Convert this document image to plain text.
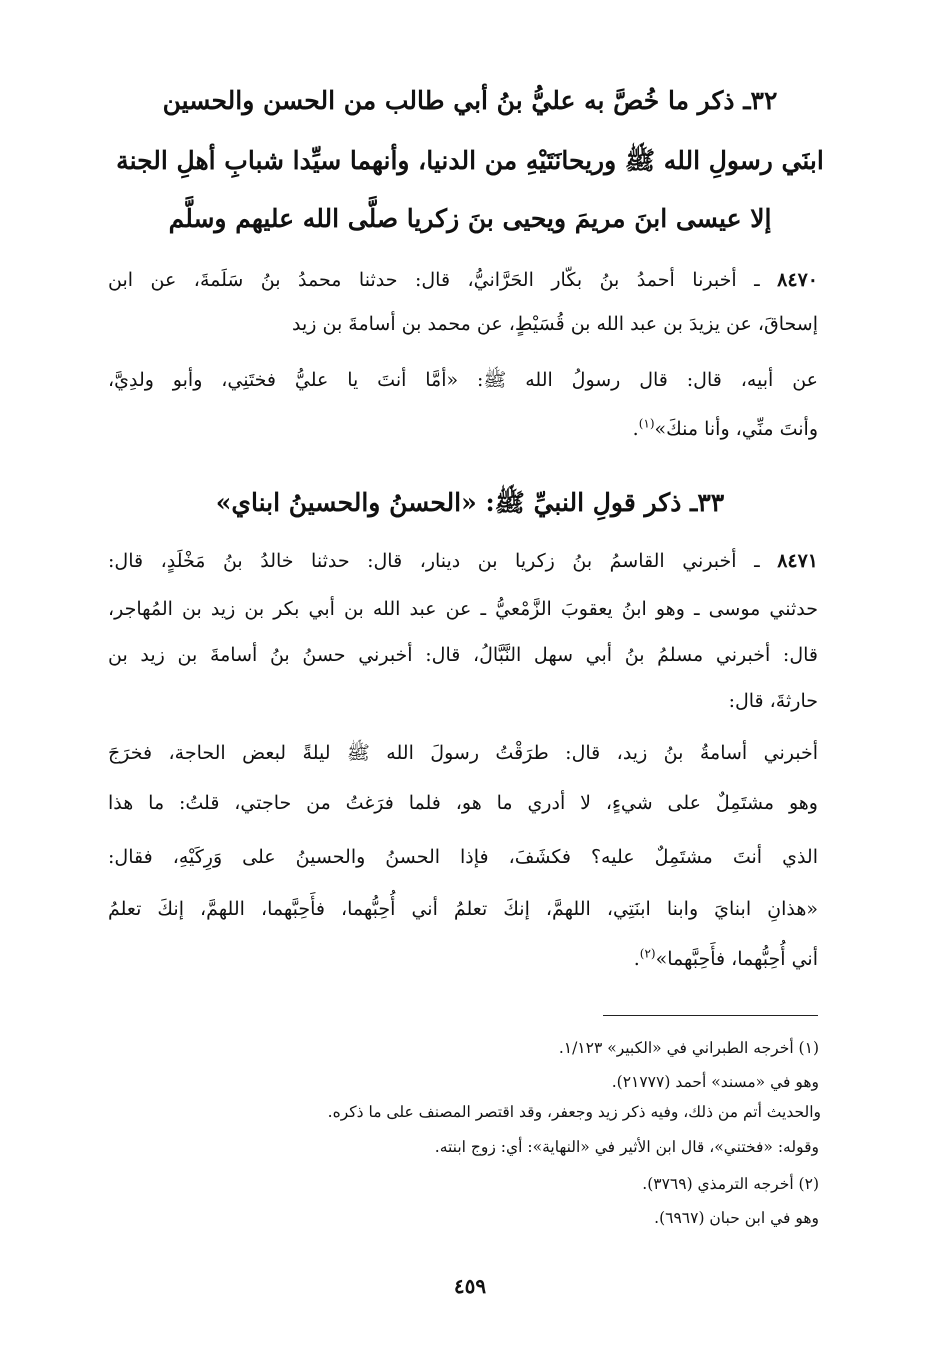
٣٢ـ ذكر ما خُصَّ به عليُّ بنُ أبي طالب من الحسن والحسين
ابنَي رسولِ الله ﷺ وريحانَتَيْهِ من الدنيا، وأنهما سيِّدا شبابِ أهلِ الجنة
إلا عيسى ابنَ مريمَ ويحيى بنَ زكريا صلَّى الله عليهم وسلَّم
٨٤٧٠ ـ أخبرنا أحمدُ بنُ بكّار الحَرَّانيُّ، قال: حدثنا محمدُ بنُ سَلَمةَ، عن ابن
إسحاقَ، عن يزيدَ بن عبد الله بن قُسَيْطٍ، عن محمد بن أسامةَ بن زيد
عن أبيه، قال: قال رسولُ الله ﷺ: «أمَّا أنتَ يا عليُّ فختَنِي، وأبو ولدِيَّ،
وأنتَ منِّي، وأنا منكَ»$^{(١)}$.
٣٣ـ ذكر قولِ النبيِّ ﷺ: «الحسنُ والحسينُ ابناي»
٨٤٧١ ـ أخبرني القاسمُ بنُ زكريا بن دينار، قال: حدثنا خالدُ بنُ مَخْلَدٍ، قال:
حدثني موسى ـ وهو ابنُ يعقوبَ الزَّمْعيُّ ـ عن عبد الله بن أبي بكر بن زيد بن المُهاجر،
قال: أخبرني مسلمُ بنُ أبي سهل النَّبَّالُ، قال: أخبرني حسنُ بنُ أسامةَ بن زيد بن
حارثةَ، قال:
أخبرني أسامةُ بنُ زيد، قال: طرَقْتُ رسولَ الله ﷺ ليلةً لبعض الحاجة، فخرَجَ
وهو مشتَمِلٌ على شيءٍ، لا أدري ما هو، فلما فرَغتُ من حاجتي، قلتُ: ما هذا
الذي أنتَ مشتَمِلٌ عليه؟ فكشَفَ، فإذا الحسنُ والحسينُ على وَرِكَيْهِ، فقال:
«هذانِ ابنايَ وابنا ابنَتِي، اللهمَّ، إنكَ تعلمُ أني أُحِبُّهما، فأَحِبَّهما، اللهمَّ، إنكَ تعلمُ
أني أُحِبُّهما، فأَحِبَّهما»$^{(٢)}$.
(١) أخرجه الطبراني في «الكبير» ١/١٢٣.
وهو في «مسند» أحمد (٢١٧٧٧).
والحديث أتم من ذلك، وفيه ذكر زيد وجعفر، وقد اقتصر المصنف على ما ذكره.
وقوله: «فختني»، قال ابن الأثير في «النهاية»: أي: زوج ابنته.
(٢) أخرجه الترمذي (٣٧٦٩).
وهو في ابن حبان (٦٩٦٧).
٤٥٩
